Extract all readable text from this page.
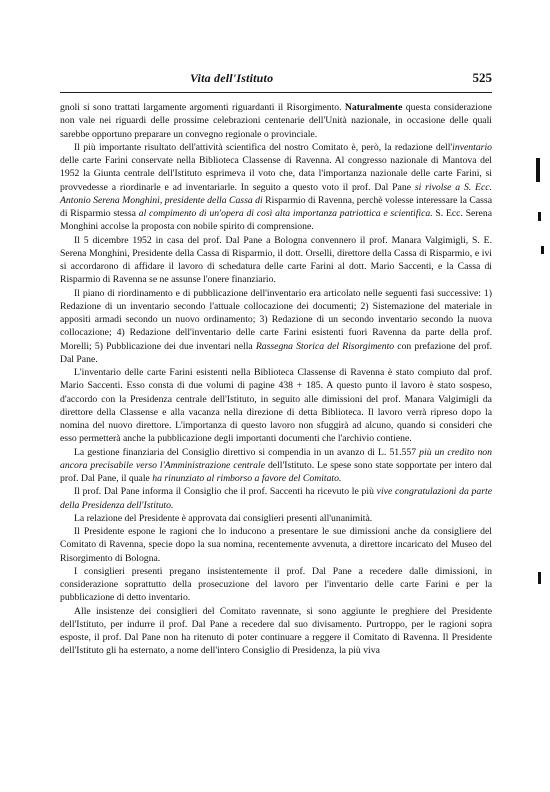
Vita dell'Istituto	525

gnoli si sono trattati largamente argomenti riguardanti il Risorgimento. Naturalmente questa considerazione non vale nei riguardi delle prossime celebrazioni centenarie dell'Unità nazionale, in occasione delle quali sarebbe opportuno preparare un convegno regionale o provinciale.

Il più importante risultato dell'attività scientifica del nostro Comitato è, però, la redazione dell'inventario delle carte Farini conservate nella Biblioteca Classense di Ravenna. Al congresso nazionale di Mantova del 1952 la Giunta centrale dell'Istituto esprimeva il voto che, data l'importanza nazionale delle carte Farini, si provvedesse a riordinarle e ad inventariarle. In seguito a questo voto il prof. Dal Pane si rivolse a S. Ecc. Antonio Serena Monghini, presidente della Cassa di Risparmio di Ravenna, perchè volesse interessare la Cassa di Risparmio stessa al compimento di un'opera di così alta importanza patriottica e scientifica. S. Ecc. Serena Monghini accolse la proposta con nobile spirito di comprensione.

Il 5 dicembre 1952 in casa del prof. Dal Pane a Bologna convennero il prof. Manara Valgimigli, S. E. Serena Monghini, Presidente della Cassa di Risparmio, il dott. Orselli, direttore della Cassa di Risparmio, e ivi si accordarono di affidare il lavoro di schedatura delle carte Farini al dott. Mario Saccenti, e la Cassa di Risparmio di Ravenna se ne assunse l'onere finanziario.

Il piano di riordinamento e di pubblicazione dell'inventario era articolato nelle seguenti fasi successive: 1) Redazione di un inventario secondo l'attuale collocazione dei documenti; 2) Sistemazione del materiale in appositi armadi secondo un nuovo ordinamento; 3) Redazione di un secondo inventario secondo la nuova collocazione; 4) Redazione dell'inventario delle carte Farini esistenti fuori Ravenna da parte della prof. Morelli; 5) Pubblicazione dei due inventari nella Rassegna Storica del Risorgimento con prefazione del prof. Dal Pane.

L'inventario delle carte Farini esistenti nella Biblioteca Classense di Ravenna è stato compiuto dal prof. Mario Saccenti. Esso consta di due volumi di pagine 438 + 185. A questo punto il lavoro è stato sospeso, d'accordo con la Presidenza centrale dell'Istituto, in seguito alle dimissioni del prof. Manara Valgimigli da direttore della Classense e alla vacanza nella direzione di detta Biblioteca. Il lavoro verrà ripreso dopo la nomina del nuovo direttore. L'importanza di questo lavoro non sfuggirà ad alcuno, quando si consideri che esso permetterà anche la pubblicazione degli importanti documenti che l'archivio contiene.

La gestione finanziaria del Consiglio direttivo si compendia in un avanzo di L. 51.557 più un credito non ancora precisabile verso l'Amministrazione centrale dell'Istituto. Le spese sono state sopportate per intero dal prof. Dal Pane, il quale ha rinunziato al rimborso a favore del Comitato.

Il prof. Dal Pane informa il Consiglio che il prof. Saccenti ha ricevuto le più vive congratulazioni da parte della Presidenza dell'Istituto.

La relazione del Presidente è approvata dai consiglieri presenti all'unanimità.

Il Presidente espone le ragioni che lo inducono a presentare le sue dimissioni anche da consigliere del Comitato di Ravenna, specie dopo la sua nomina, recentemente avvenuta, a direttore incaricato del Museo del Risorgimento di Bologna.

I consiglieri presenti pregano insistentemente il prof. Dal Pane a recedere dalle dimissioni, in considerazione soprattutto della prosecuzione del lavoro per l'inventario delle carte Farini e per la pubblicazione di detto inventario.

Alle insistenze dei consiglieri del Comitato ravennate, si sono aggiunte le preghiere del Presidente dell'Istituto, per indurre il prof. Dal Pane a recedere dal suo divisamento. Purtroppo, per le ragioni sopra esposte, il prof. Dal Pane non ha ritenuto di poter continuare a reggere il Comitato di Ravenna. Il Presidente dell'Istituto gli ha esternato, a nome dell'intero Consiglio di Presidenza, la più viva
